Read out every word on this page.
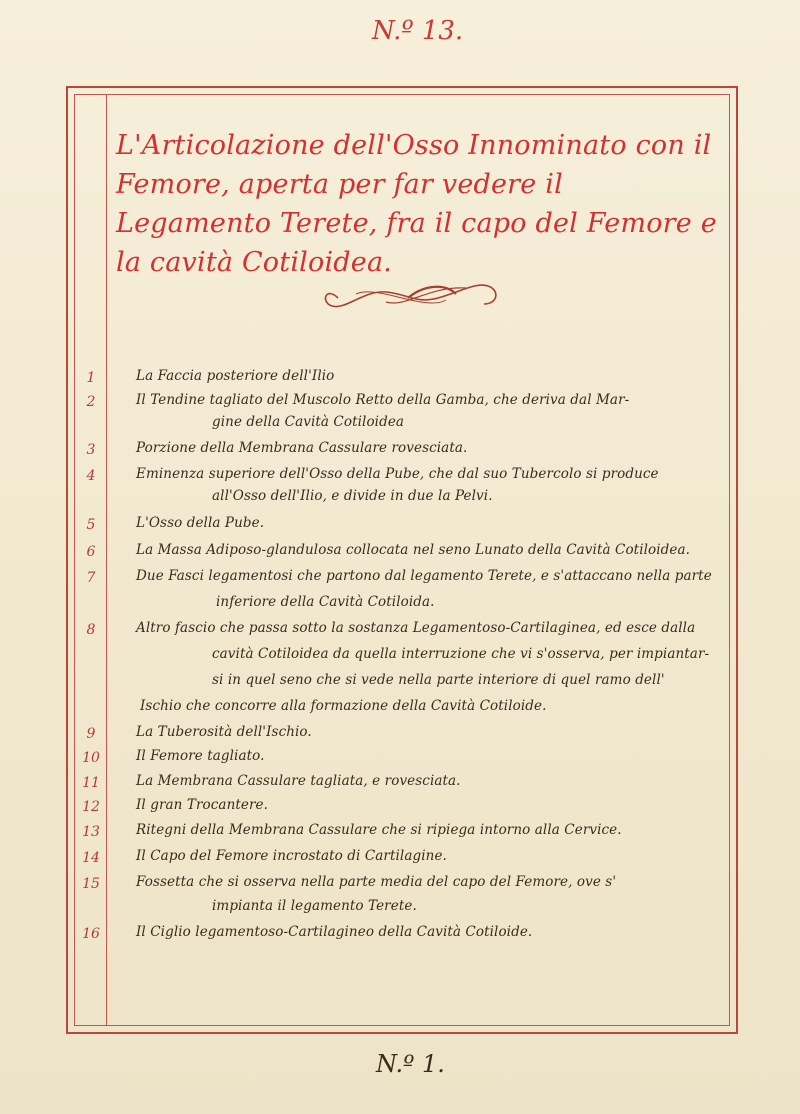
N.º 13.
L'Articolazione dell'Osso Innominato con il Femore, aperta per far vedere il Legamento Terete, fra il capo del Femore e la cavità Cotiloidea.
1	La Faccia posteriore dell'Ilio
2	Il Tendine tagliato del Muscolo Retto della Gamba, che deriva dal Mar-
gine della Cavità Cotiloidea
3	Porzione della Membrana Cassulare rovesciata.
4	Eminenza superiore dell'Osso della Pube, che dal suo Tubercolo si produce
all'Osso dell'Ilio, e divide in due la Pelvi.
5	L'Osso della Pube.
6	La Massa Adiposo-glandulosa collocata nel seno Lunato della Cavità Cotiloidea.
7	Due Fasci legamentosi che partono dal legamento Terete, e s'attaccano nella parte
inferiore della Cavità Cotiloida.
8	Altro fascio che passa sotto la sostanza Legamentoso-Cartilaginea, ed esce dalla
cavità Cotiloidea da quella interruzione che vi s'osserva, per impiantar-
si in quel seno che si vede nella parte interiore di quel ramo dell'
Ischio che concorre alla formazione della Cavità Cotiloide.
9	La Tuberosità dell'Ischio.
10	Il Femore tagliato.
11	La Membrana Cassulare tagliata, e rovesciata.
12	Il gran Trocantere.
13	Ritegni della Membrana Cassulare che si ripiega intorno alla Cervice.
14	Il Capo del Femore incrostato di Cartilagine.
15	Fossetta che si osserva nella parte media del capo del Femore, ove s'
impianta il legamento Terete.
16	Il Ciglio legamentoso-Cartilagineo della Cavità Cotiloide.
N.º 1.
